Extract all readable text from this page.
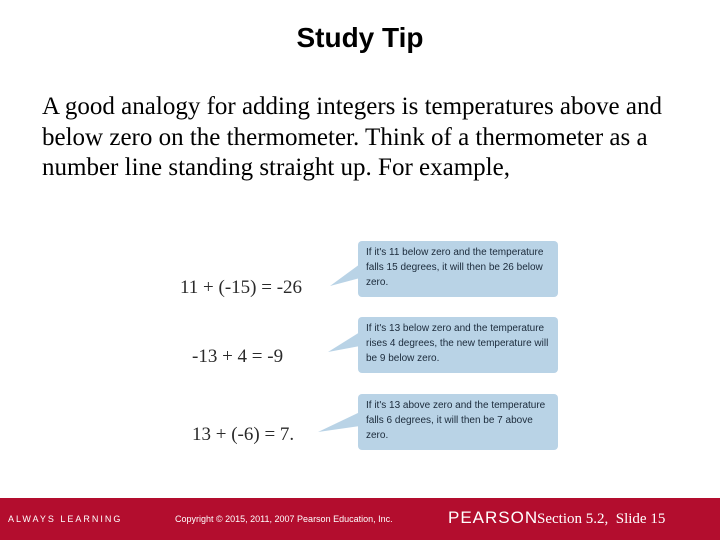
Study Tip
A good analogy for adding integers is temperatures above and below zero on the thermometer. Think of a thermometer as a number line standing straight up. For example,
11 + (-15) = -26
If it's 11 below zero and the temperature falls 15 degrees, it will then be 26 below zero.
-13 + 4 = -9
If it's 13 below zero and the temperature rises 4 degrees, the new temperature will be 9 below zero.
13 + (-6) = 7.
If it's 13 above zero and the temperature falls 6 degrees, it will then be 7 above zero.
ALWAYS LEARNING	Copyright © 2015, 2011, 2007 Pearson Education, Inc.	PEARSON
Section 5.2,  Slide 15
